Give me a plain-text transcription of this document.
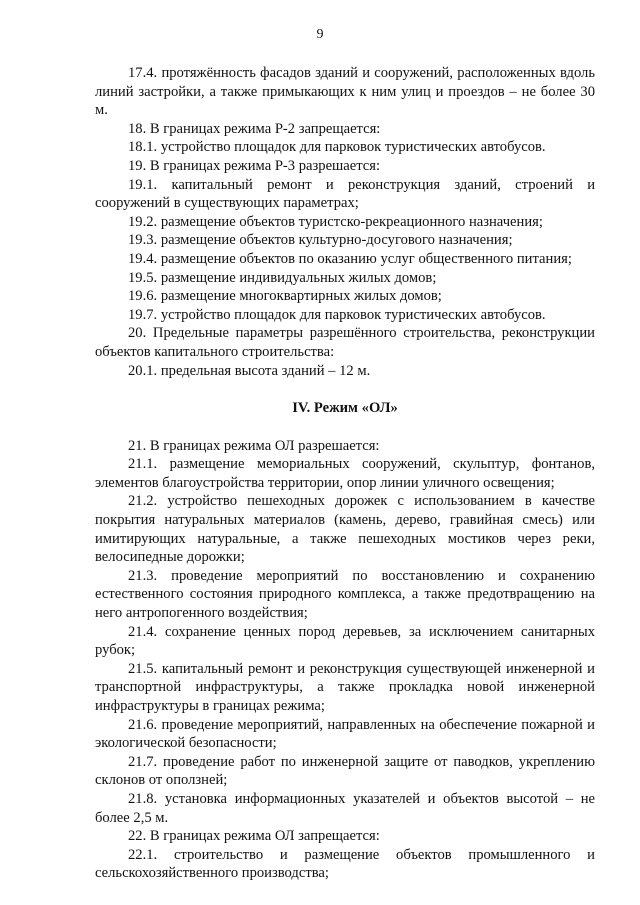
9

17.4. протяжённость фасадов зданий и сооружений, расположенных вдоль линий застройки, а также примыкающих к ним улиц и проездов – не более 30 м.

18. В границах режима Р-2 запрещается:

18.1. устройство площадок для парковок туристических автобусов.

19. В границах режима Р-3 разрешается:

19.1. капитальный ремонт и реконструкция зданий, строений и сооружений в существующих параметрах;

19.2. размещение объектов туристско-рекреационного назначения;

19.3. размещение объектов культурно-досугового назначения;

19.4. размещение объектов по оказанию услуг общественного питания;

19.5. размещение индивидуальных жилых домов;

19.6. размещение многоквартирных жилых домов;

19.7. устройство площадок для парковок туристических автобусов.

20. Предельные параметры разрешённого строительства, реконструкции объектов капитального строительства:

20.1. предельная высота зданий – 12 м.

IV. Режим «ОЛ»

21. В границах режима ОЛ разрешается:

21.1. размещение мемориальных сооружений, скульптур, фонтанов, элементов благоустройства территории, опор линии уличного освещения;

21.2. устройство пешеходных дорожек с использованием в качестве покрытия натуральных материалов (камень, дерево, гравийная смесь) или имитирующих натуральные, а также пешеходных мостиков через реки, велосипедные дорожки;

21.3. проведение мероприятий по восстановлению и сохранению естественного состояния природного комплекса, а также предотвращению на него антропогенного воздействия;

21.4. сохранение ценных пород деревьев, за исключением санитарных рубок;

21.5. капитальный ремонт и реконструкция существующей инженерной и транспортной инфраструктуры, а также прокладка новой инженерной инфраструктуры в границах режима;

21.6. проведение мероприятий, направленных на обеспечение пожарной и экологической безопасности;

21.7. проведение работ по инженерной защите от паводков, укреплению склонов от оползней;

21.8. установка информационных указателей и объектов высотой – не более 2,5 м.

22. В границах режима ОЛ запрещается:

22.1. строительство и размещение объектов промышленного и сельскохозяйственного производства;
